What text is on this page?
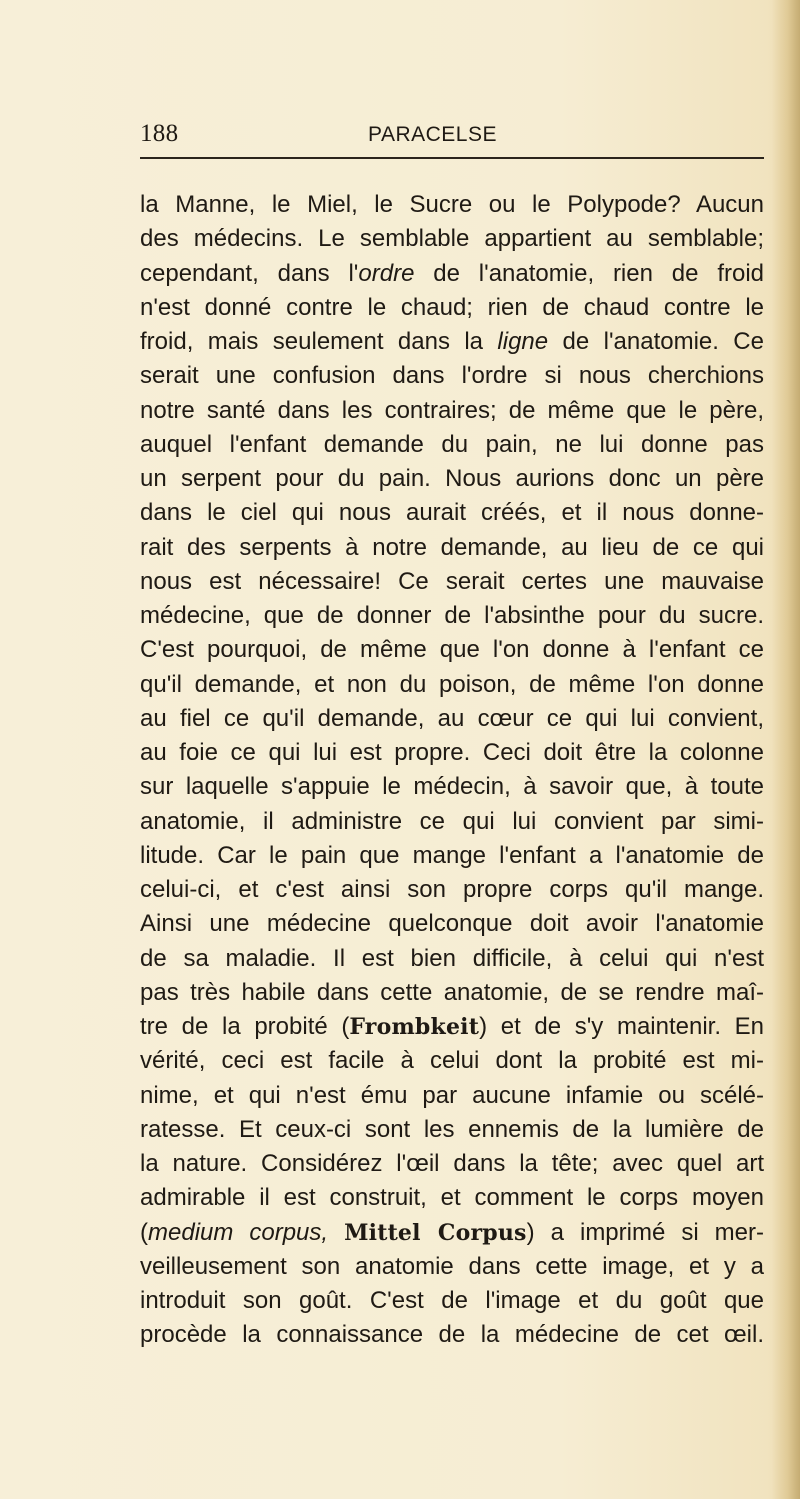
188	PARACELSE
la Manne, le Miel, le Sucre ou le Polypode? Aucun
des médecins. Le semblable appartient au semblable;
cependant, dans l'ordre de l'anatomie, rien de froid
n'est donné contre le chaud; rien de chaud contre le
froid, mais seulement dans la ligne de l'anatomie. Ce
serait une confusion dans l'ordre si nous cherchions
notre santé dans les contraires; de même que le père,
auquel l'enfant demande du pain, ne lui donne pas
un serpent pour du pain. Nous aurions donc un père
dans le ciel qui nous aurait créés, et il nous donne-
rait des serpents à notre demande, au lieu de ce qui
nous est nécessaire! Ce serait certes une mauvaise
médecine, que de donner de l'absinthe pour du sucre.
C'est pourquoi, de même que l'on donne à l'enfant ce
qu'il demande, et non du poison, de même l'on donne
au fiel ce qu'il demande, au cœur ce qui lui convient,
au foie ce qui lui est propre. Ceci doit être la colonne
sur laquelle s'appuie le médecin, à savoir que, à toute
anatomie, il administre ce qui lui convient par simi-
litude. Car le pain que mange l'enfant a l'anatomie de
celui-ci, et c'est ainsi son propre corps qu'il mange.
Ainsi une médecine quelconque doit avoir l'anatomie
de sa maladie. Il est bien difficile, à celui qui n'est
pas très habile dans cette anatomie, de se rendre maî-
tre de la probité (Frombkeit) et de s'y maintenir. En
vérité, ceci est facile à celui dont la probité est mi-
nime, et qui n'est ému par aucune infamie ou scélé-
ratesse. Et ceux-ci sont les ennemis de la lumière de
la nature. Considérez l'œil dans la tête; avec quel art
admirable il est construit, et comment le corps moyen
(medium corpus, Mittel Corpus) a imprimé si mer-
veilleusement son anatomie dans cette image, et y a
introduit son goût. C'est de l'image et du goût que
procède la connaissance de la médecine de cet œil.
